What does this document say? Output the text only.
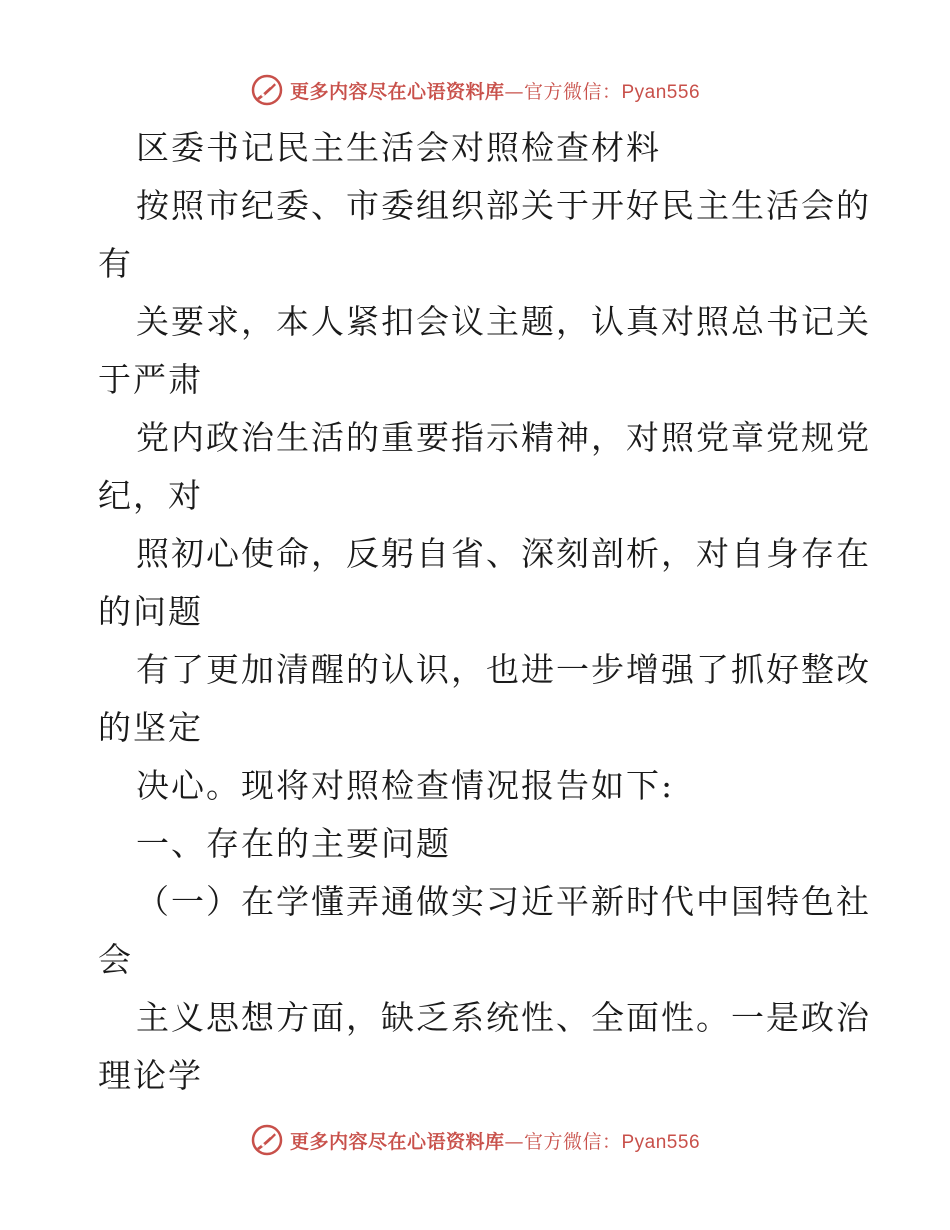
更多内容尽在心语资料库—官方微信：Pyan556
区委书记民主生活会对照检查材料
按照市纪委、市委组织部关于开好民主生活会的
有
关要求，本人紧扣会议主题，认真对照总书记关
于严肃
党内政治生活的重要指示精神，对照党章党规党
纪，对
照初心使命，反躬自省、深刻剖析，对自身存在
的问题
有了更加清醒的认识，也进一步增强了抓好整改
的坚定
决心。现将对照检查情况报告如下:
一、存在的主要问题
（一）在学懂弄通做实习近平新时代中国特色社
会
主义思想方面，缺乏系统性、全面性。一是政治
理论学
更多内容尽在心语资料库—官方微信：Pyan556
